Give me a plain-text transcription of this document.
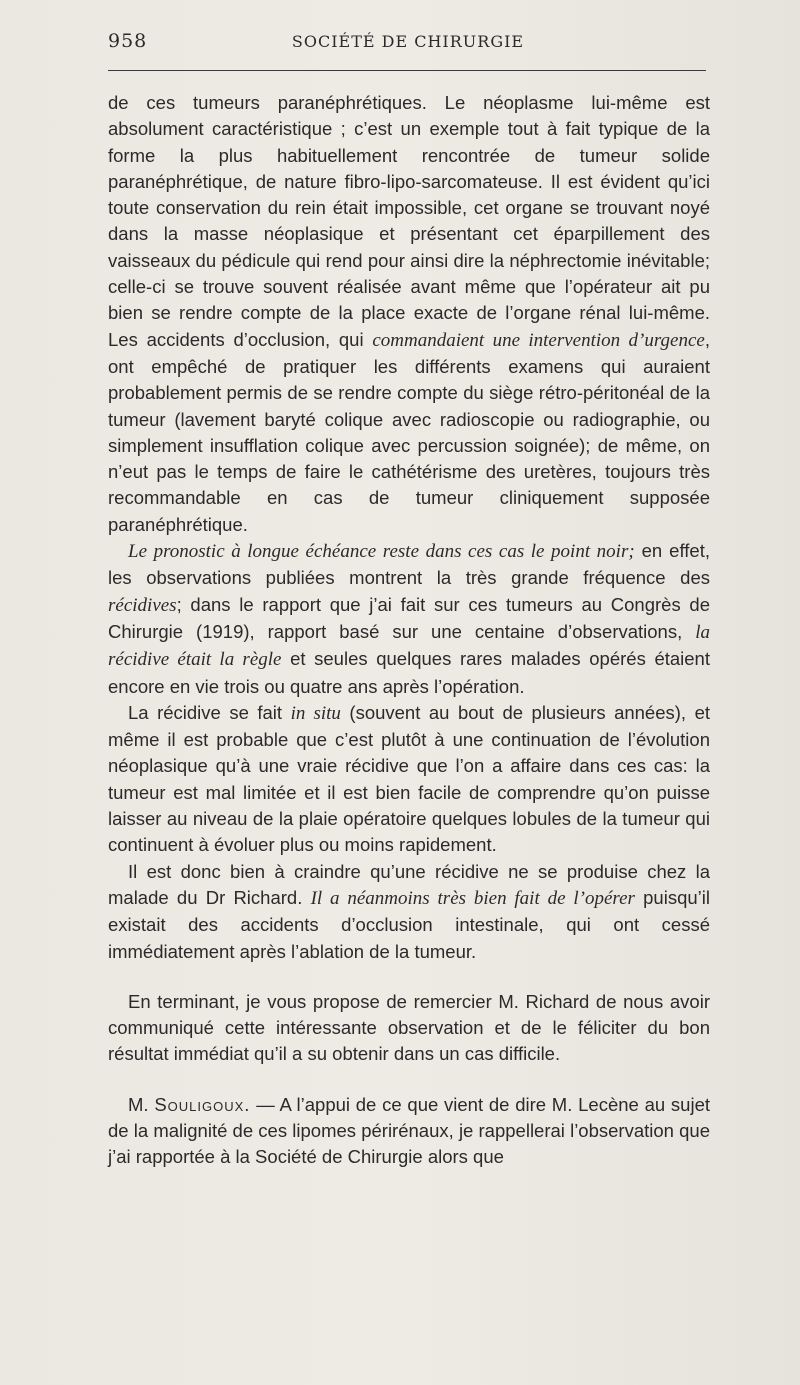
958	SOCIÉTÉ DE CHIRURGIE

de ces tumeurs paranéphrétiques. Le néoplasme lui-même est absolument caractéristique ; c’est un exemple tout à fait typique de la forme la plus habituellement rencontrée de tumeur solide paranéphrétique, de nature fibro-lipo-sarcomateuse. Il est évident qu’ici toute conservation du rein était impossible, cet organe se trouvant noyé dans la masse néoplasique et présentant cet éparpillement des vaisseaux du pédicule qui rend pour ainsi dire la néphrectomie inévitable; celle-ci se trouve souvent réalisée avant même que l’opérateur ait pu bien se rendre compte de la place exacte de l’organe rénal lui-même. Les accidents d’occlusion, qui commandaient une intervention d’urgence, ont empêché de pratiquer les différents examens qui auraient probablement permis de se rendre compte du siège rétro-péritonéal de la tumeur (lavement baryté colique avec radioscopie ou radiographie, ou simplement insufflation colique avec percussion soignée); de même, on n’eut pas le temps de faire le cathétérisme des uretères, toujours très recommandable en cas de tumeur cliniquement supposée paranéphrétique.

Le pronostic à longue échéance reste dans ces cas le point noir; en effet, les observations publiées montrent la très grande fréquence des récidives; dans le rapport que j’ai fait sur ces tumeurs au Congrès de Chirurgie (1919), rapport basé sur une centaine d’observations, la récidive était la règle et seules quelques rares malades opérés étaient encore en vie trois ou quatre ans après l’opération.

La récidive se fait in situ (souvent au bout de plusieurs années), et même il est probable que c’est plutôt à une continuation de l’évolution néoplasique qu’à une vraie récidive que l’on a affaire dans ces cas: la tumeur est mal limitée et il est bien facile de comprendre qu’on puisse laisser au niveau de la plaie opératoire quelques lobules de la tumeur qui continuent à évoluer plus ou moins rapidement.

Il est donc bien à craindre qu’une récidive ne se produise chez la malade du Dr Richard. Il a néanmoins très bien fait de l’opérer puisqu’il existait des accidents d’occlusion intestinale, qui ont cessé immédiatement après l’ablation de la tumeur.

En terminant, je vous propose de remercier M. Richard de nous avoir communiqué cette intéressante observation et de le féliciter du bon résultat immédiat qu’il a su obtenir dans un cas difficile.

M. Souligoux. — A l’appui de ce que vient de dire M. Lecène au sujet de la malignité de ces lipomes périrénaux, je rappellerai l’observation que j’ai rapportée à la Société de Chirurgie alors que
